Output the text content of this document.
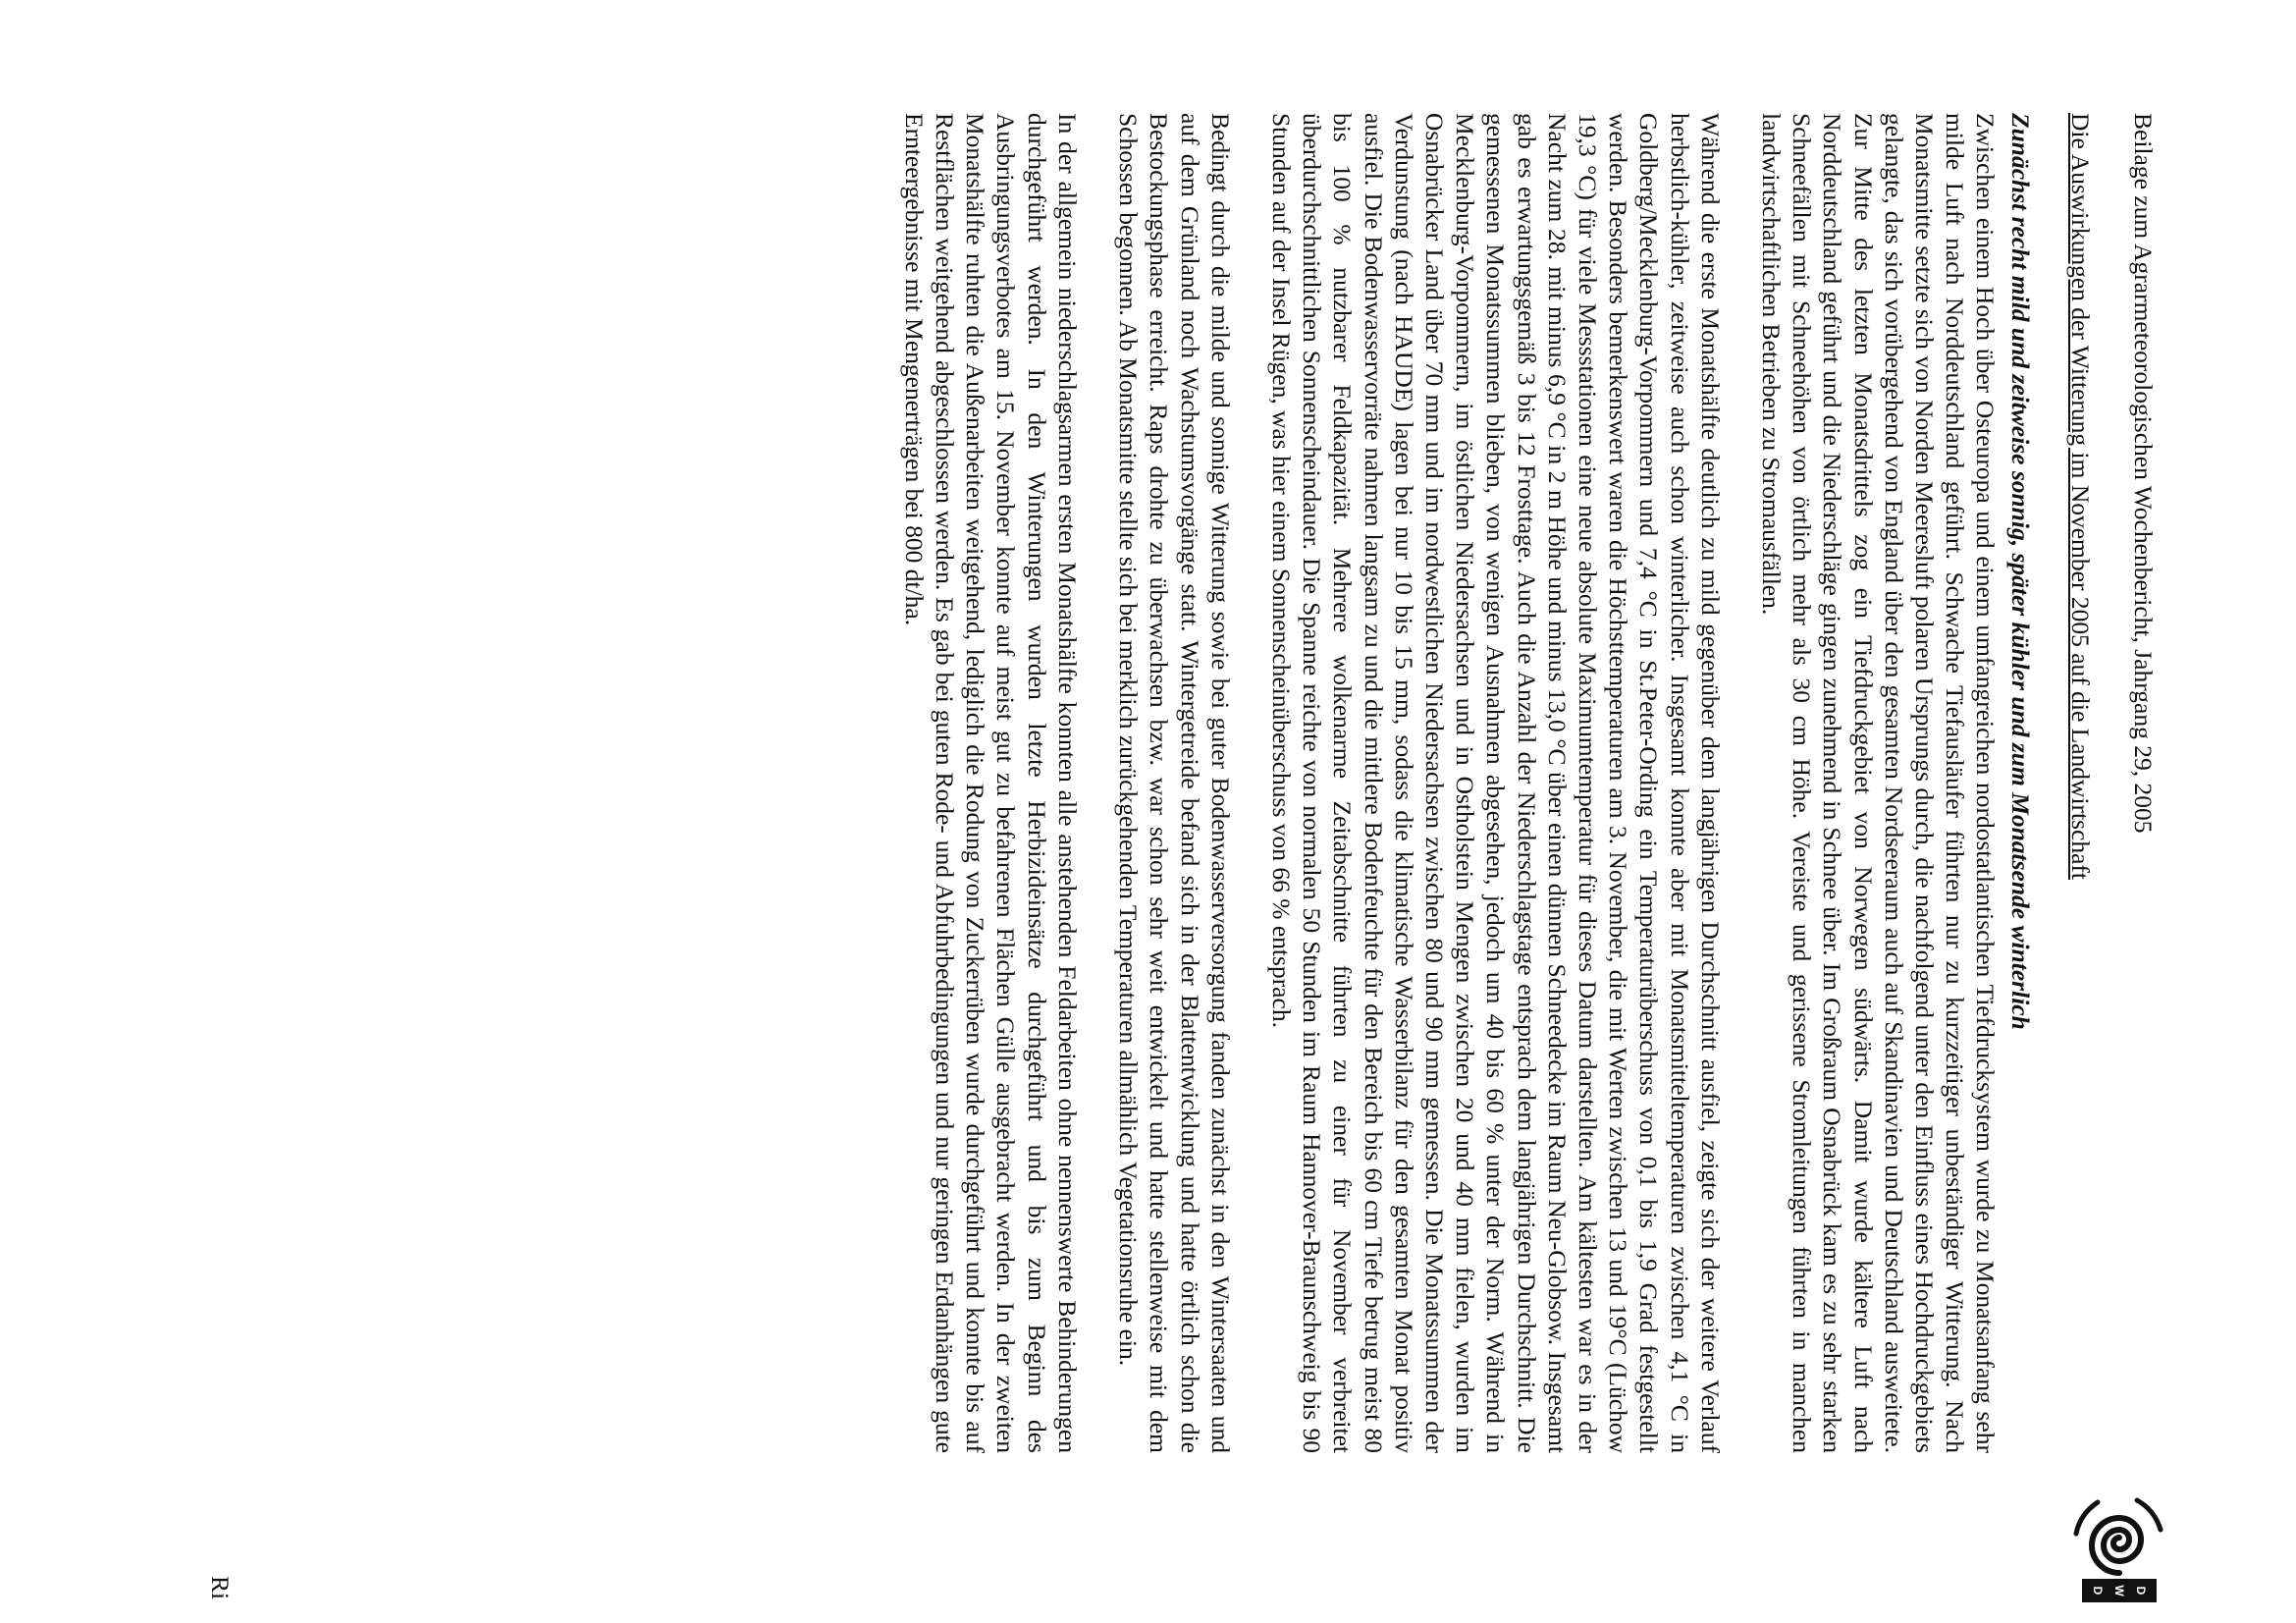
D
W
D

Beilage zum Agrarmeteorologischen Wochenbericht, Jahrgang 29, 2005

Die Auswirkungen der Witterung im November 2005 auf die Landwirtschaft

Zunächst recht mild und zeitweise sonnig, später kühler und zum Monatsende winterlich

Zwischen einem Hoch über Osteuropa und einem umfangreichen nordostatlantischen Tiefdrucksystem wurde zu Monatsanfang sehr milde Luft nach Norddeutschland geführt. Schwache Tiefausläufer führten nur zu kurzzeitiger unbeständiger Witterung. Nach Monatsmitte setzte sich von Norden Meeresluft polaren Ursprungs durch, die nachfolgend unter den Einfluss eines Hochdruckgebiets gelangte, das sich vorübergehend von England über den gesamten Nordseeraum auch auf Skandinavien und Deutschland ausweitete. Zur Mitte des letzten Monatsdrittels zog ein Tiefdruckgebiet von Norwegen südwärts. Damit wurde kältere Luft nach Norddeutschland geführt und die Niederschläge gingen zunehmend in Schnee über. Im Großraum Osnabrück kam es zu sehr starken Schneefällen mit Schneehöhen von örtlich mehr als 30 cm Höhe. Vereiste und gerissene Stromleitungen führten in manchen landwirtschaftlichen Betrieben zu Stromausfällen.

Während die erste Monatshälfte deutlich zu mild gegenüber dem langjährigen Durchschnitt ausfiel, zeigte sich der weitere Verlauf herbstlich-kühler, zeitweise auch schon winterlicher. Insgesamt konnte aber mit Monatsmitteltemperaturen zwischen 4,1 °C in Goldberg/Mecklenburg-Vorpommern und 7,4 °C in St.Peter-Ording ein Temperaturüberschuss von 0,1 bis 1,9 Grad festgestellt werden. Besonders bemerkenswert waren die Höchsttemperaturen am 3. November, die mit Werten zwischen 13 und 19°C (Lüchow 19,3 °C) für viele Messstationen eine neue absolute Maximumtemperatur für dieses Datum darstellten. Am kältesten war es in der Nacht zum 28. mit minus 6,9 °C in 2 m Höhe und minus 13,0 °C über einen dünnen Schneedecke im Raum Neu-Globsow. Insgesamt gab es erwartungsgemäß 3 bis 12 Frosttage. Auch die Anzahl der Niederschlagstage entsprach dem langjährigen Durchschnitt. Die gemessenen Monatssummen blieben, von wenigen Ausnahmen abgesehen, jedoch um 40 bis 60 % unter der Norm. Während in Mecklenburg-Vorpommern, im östlichen Niedersachsen und in Ostholstein Mengen zwischen 20 und 40 mm fielen, wurden im Osnabrücker Land über 70 mm und im nordwestlichen Niedersachsen zwischen 80 und 90 mm gemessen. Die Monatssummen der Verdunstung (nach HAUDE) lagen bei nur 10 bis 15 mm, sodass die klimatische Wasserbilanz für den gesamten Monat positiv ausfiel. Die Bodenwasservorräte nahmen langsam zu und die mittlere Bodenfeuchte für den Bereich bis 60 cm Tiefe betrug meist 80 bis 100 % nutzbarer Feldkapazität. Mehrere wolkenarme Zeitabschnitte führten zu einer für November verbreitet überdurchschnittlichen Sonnenscheindauer. Die Spanne reichte von normalen 50 Stunden im Raum Hannover-Braunschweig bis 90 Stunden auf der Insel Rügen, was hier einem Sonnenscheinüberschuss von 66 % entsprach.

Bedingt durch die milde und sonnige Witterung sowie bei guter Bodenwasserversorgung fanden zunächst in den Wintersaaten und auf dem Grünland noch Wachstumsvorgänge statt. Wintergetreide befand sich in der Blattentwicklung und hatte örtlich schon die Bestockungsphase erreicht. Raps drohte zu überwachsen bzw. war schon sehr weit entwickelt und hatte stellenweise mit dem Schossen begonnen. Ab Monatsmitte stellte sich bei merklich zurückgehenden Temperaturen allmählich Vegetationsruhe ein.

In der allgemein niederschlagsarmen ersten Monatshälfte konnten alle anstehenden Feldarbeiten ohne nennenswerte Behinderungen durchgeführt werden. In den Winterungen wurden letzte Herbizideinsätze durchgeführt und bis zum Beginn des Ausbringungsverbotes am 15. November konnte auf meist gut zu befahrenen Flächen Gülle ausgebracht werden. In der zweiten Monatshälfte ruhten die Außenarbeiten weitgehend, lediglich die Rodung von Zuckerrüben wurde durchgeführt und konnte bis auf Restflächen weitgehend abgeschlossen werden. Es gab bei guten Rode- und Abfuhrbedingungen und nur geringen Erdanhängen gute Ernteergebnisse mit Mengenerträgen bei 800 dt/ha.

Ri
